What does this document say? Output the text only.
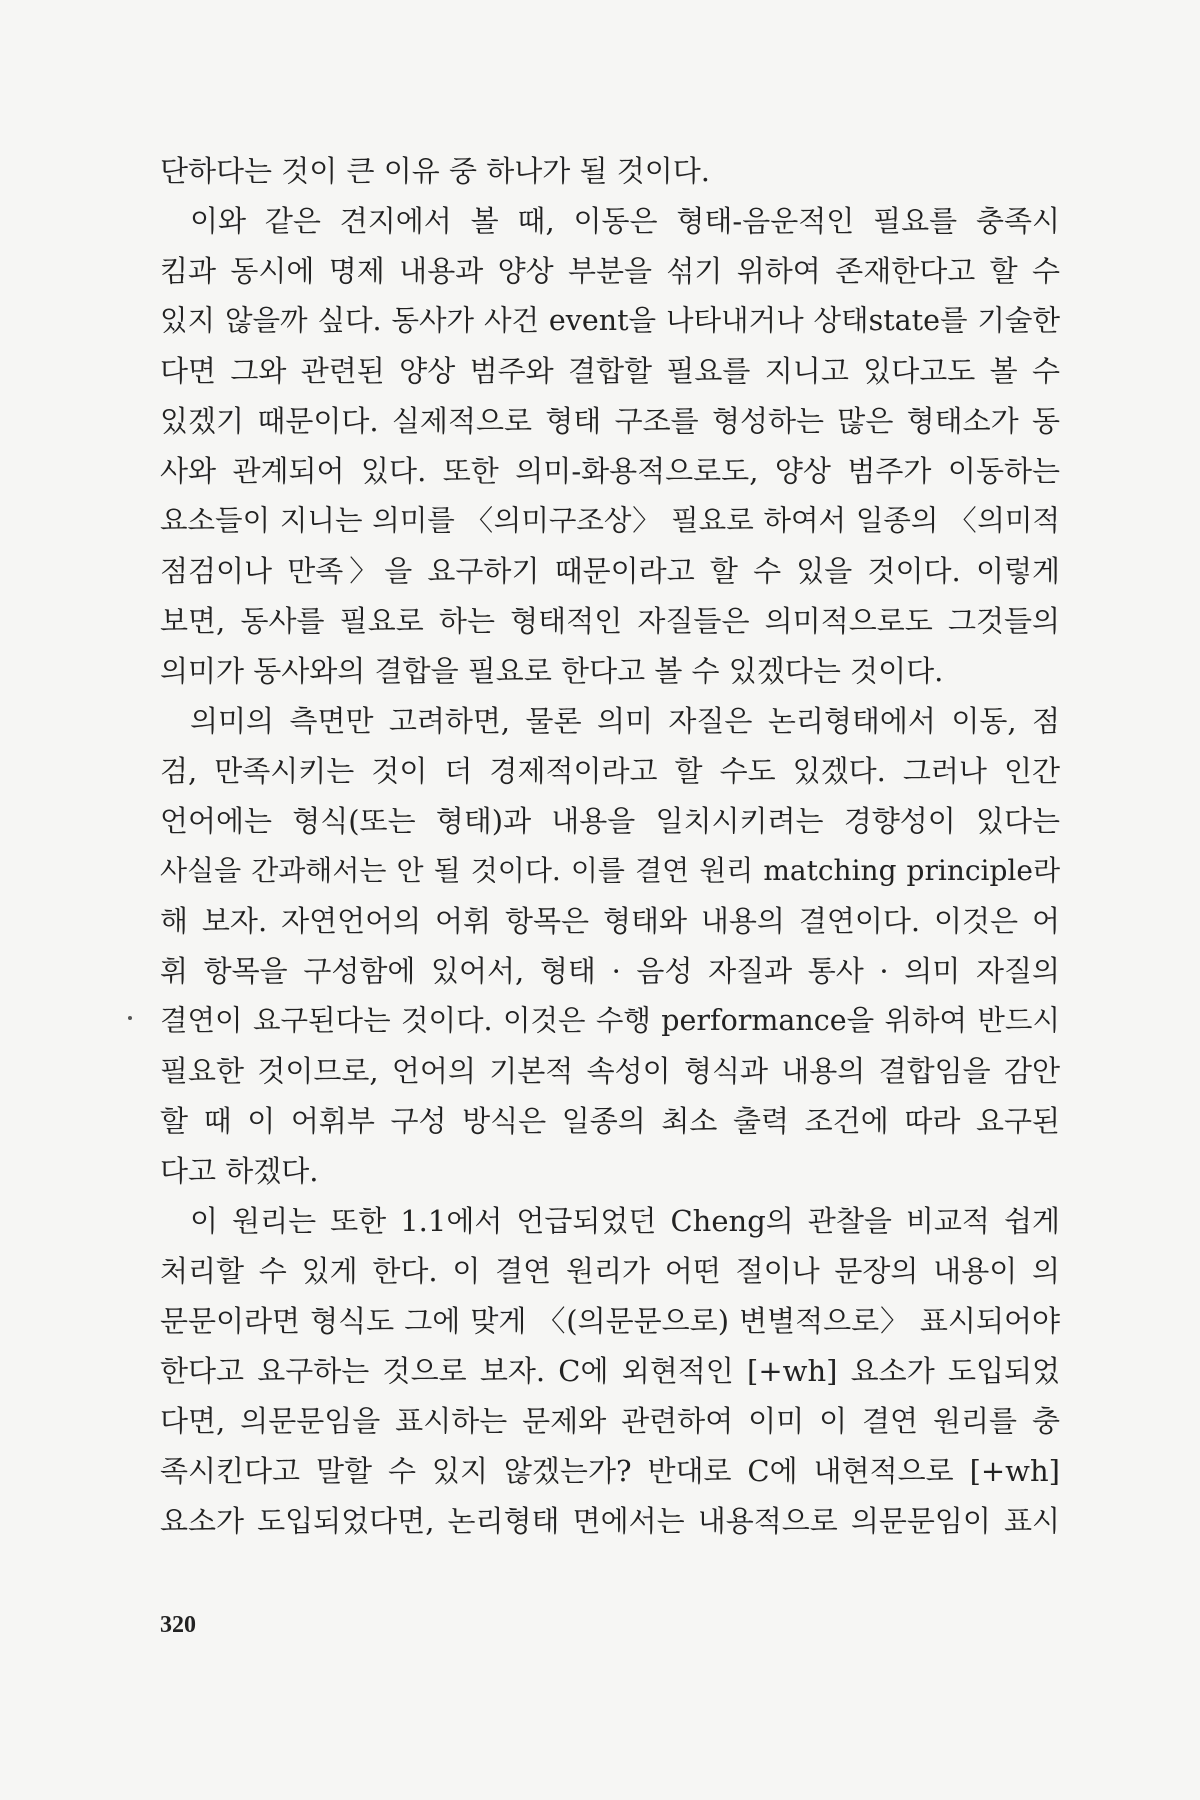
단하다는 것이 큰 이유 중 하나가 될 것이다.
이와 같은 견지에서 볼 때, 이동은 형태-음운적인 필요를 충족시
킴과 동시에 명제 내용과 양상 부분을 섞기 위하여 존재한다고 할 수
있지 않을까 싶다. 동사가 사건 event을 나타내거나 상태state를 기술한
다면 그와 관련된 양상 범주와 결합할 필요를 지니고 있다고도 볼 수
있겠기 때문이다. 실제적으로 형태 구조를 형성하는 많은 형태소가 동
사와 관계되어 있다. 또한 의미-화용적으로도, 양상 범주가 이동하는
요소들이 지니는 의미를 〈의미구조상〉 필요로 하여서 일종의 〈의미적
점검이나 만족〉을 요구하기 때문이라고 할 수 있을 것이다. 이렇게
보면, 동사를 필요로 하는 형태적인 자질들은 의미적으로도 그것들의
의미가 동사와의 결합을 필요로 한다고 볼 수 있겠다는 것이다.
의미의 측면만 고려하면, 물론 의미 자질은 논리형태에서 이동, 점
검, 만족시키는 것이 더 경제적이라고 할 수도 있겠다. 그러나 인간
언어에는 형식(또는 형태)과 내용을 일치시키려는 경향성이 있다는
사실을 간과해서는 안 될 것이다. 이를 결연 원리 matching principle라
해 보자. 자연언어의 어휘 항목은 형태와 내용의 결연이다. 이것은 어
휘 항목을 구성함에 있어서, 형태 · 음성 자질과 통사 · 의미 자질의
결연이 요구된다는 것이다. 이것은 수행 performance을 위하여 반드시
필요한 것이므로, 언어의 기본적 속성이 형식과 내용의 결합임을 감안
할 때 이 어휘부 구성 방식은 일종의 최소 출력 조건에 따라 요구된
다고 하겠다.
이 원리는 또한 1.1에서 언급되었던 Cheng의 관찰을 비교적 쉽게
처리할 수 있게 한다. 이 결연 원리가 어떤 절이나 문장의 내용이 의
문문이라면 형식도 그에 맞게 〈(의문문으로) 변별적으로〉 표시되어야
한다고 요구하는 것으로 보자. C에 외현적인 [+wh] 요소가 도입되었
다면, 의문문임을 표시하는 문제와 관련하여 이미 이 결연 원리를 충
족시킨다고 말할 수 있지 않겠는가? 반대로 C에 내현적으로 [+wh]
요소가 도입되었다면, 논리형태 면에서는 내용적으로 의문문임이 표시
320
